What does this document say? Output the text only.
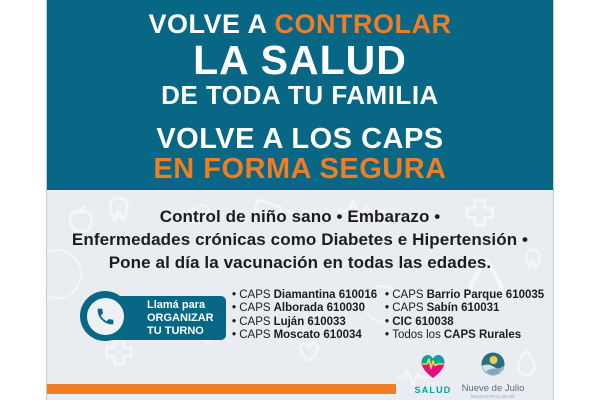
VOLVE A CONTROLAR
LA SALUD
DE TODA TU FAMILIA
VOLVE A LOS CAPS
EN FORMA SEGURA
Control de niño sano • Embarazo •
Enfermedades crónicas como Diabetes e Hipertensión •
Pone al día la vacunación en todas las edades.
Llamá para
ORGANIZAR
TU TURNO
• CAPS Diamantina 610016
• CAPS Alborada 610030
• CAPS Luján 610033
• CAPS Moscato 610034
• CAPS Barrio Parque 610035
• CAPS Sabín 610031
• CIC 610038
• Todos los CAPS Rurales
SALUD	Nueve de Julio
MUNICIPALIDAD
